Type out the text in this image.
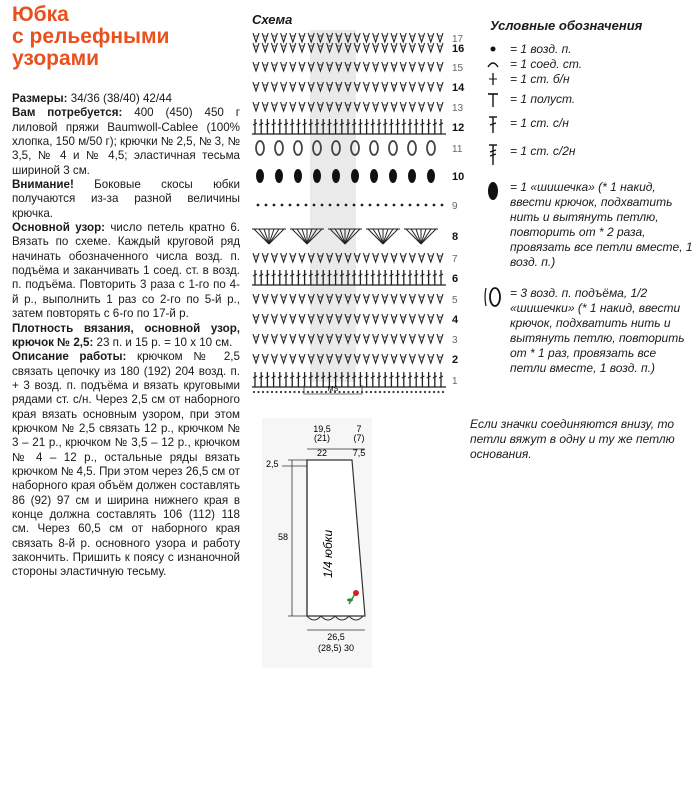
Юбка
с рельефными
узорами

Размеры: 34/36 (38/40) 42/44

Вам потребуется: 400 (450) 450 г лиловой пряжи Baumwoll-Cablee (100% хлопка, 150 м/50 г); крючки № 2,5, № 3, № 3,5, № 4 и № 4,5; эластичная тесьма шириной 3 см.

Внимание! Боковые скосы юбки получаются из-за разной величины крючка.

Основной узор: число петель кратно 6. Вязать по схеме. Каждый круговой ряд начинать обозначенного числа возд. п. подъёма и заканчивать 1 соед. ст. в возд. п. подъёма. Повторить 3 раза с 1-го по 4-й р., выполнить 1 раз со 2-го по 5-й р., затем повторять с 6-го по 17-й р.

Плотность вязания, основной узор, крючок № 2,5: 23 п. и 15 р. = 10 х 10 см.

Описание работы: крючком № 2,5 связать цепочку из 180 (192) 204 возд. п. + 3 возд. п. подъёма и вязать круговыми рядами ст. с/н. Через 2,5 см от наборного края вязать основным узором, при этом крючком № 2,5 связать 12 р., крючком № 3 – 21 р., крючком № 3,5 – 12 р., крючком № 4 – 12 р., остальные ряды вязать крючком № 4,5. При этом через 26,5 см от наборного края объём должен составлять 86 (92) 97 см и ширина нижнего края в конце должна составлять 106 (112) 118 см. Через 60,5 см от наборного края связать 8-й р. основного узора и работу закончить. Пришить к поясу с изнаночной стороны эластичную тесьму.

Схема
MS
17
16
15
14
13
12
11
10
9
8
7
6
5
4
3
2
1
Условные обозначения
= 1 возд. п.
= 1 соед. ст.
= 1 ст. б/н
= 1 полуст.
= 1 ст. с/н
= 1 ст. с/2н
= 1 «шишечка» (* 1 накид, ввести крючок, подхватить нить и вытянуть петлю, повторить от * 2 раза, провязать все петли вместе, 1 возд. п.)
= 3 возд. п. подъёма, 1/2 «шишечки» (* 1 накид, ввести крючок, подхватить нить и вытянуть петлю, повторить от * 1 раз, провязать все петли вместе, 1 возд. п.)
Если значки соединяются внизу, то петли вяжут в одну и ту же петлю основания.
19,5
(21)
22
7
(7)
7,5
2,5
58	1/4 юбки
26,5
(28,5) 30
